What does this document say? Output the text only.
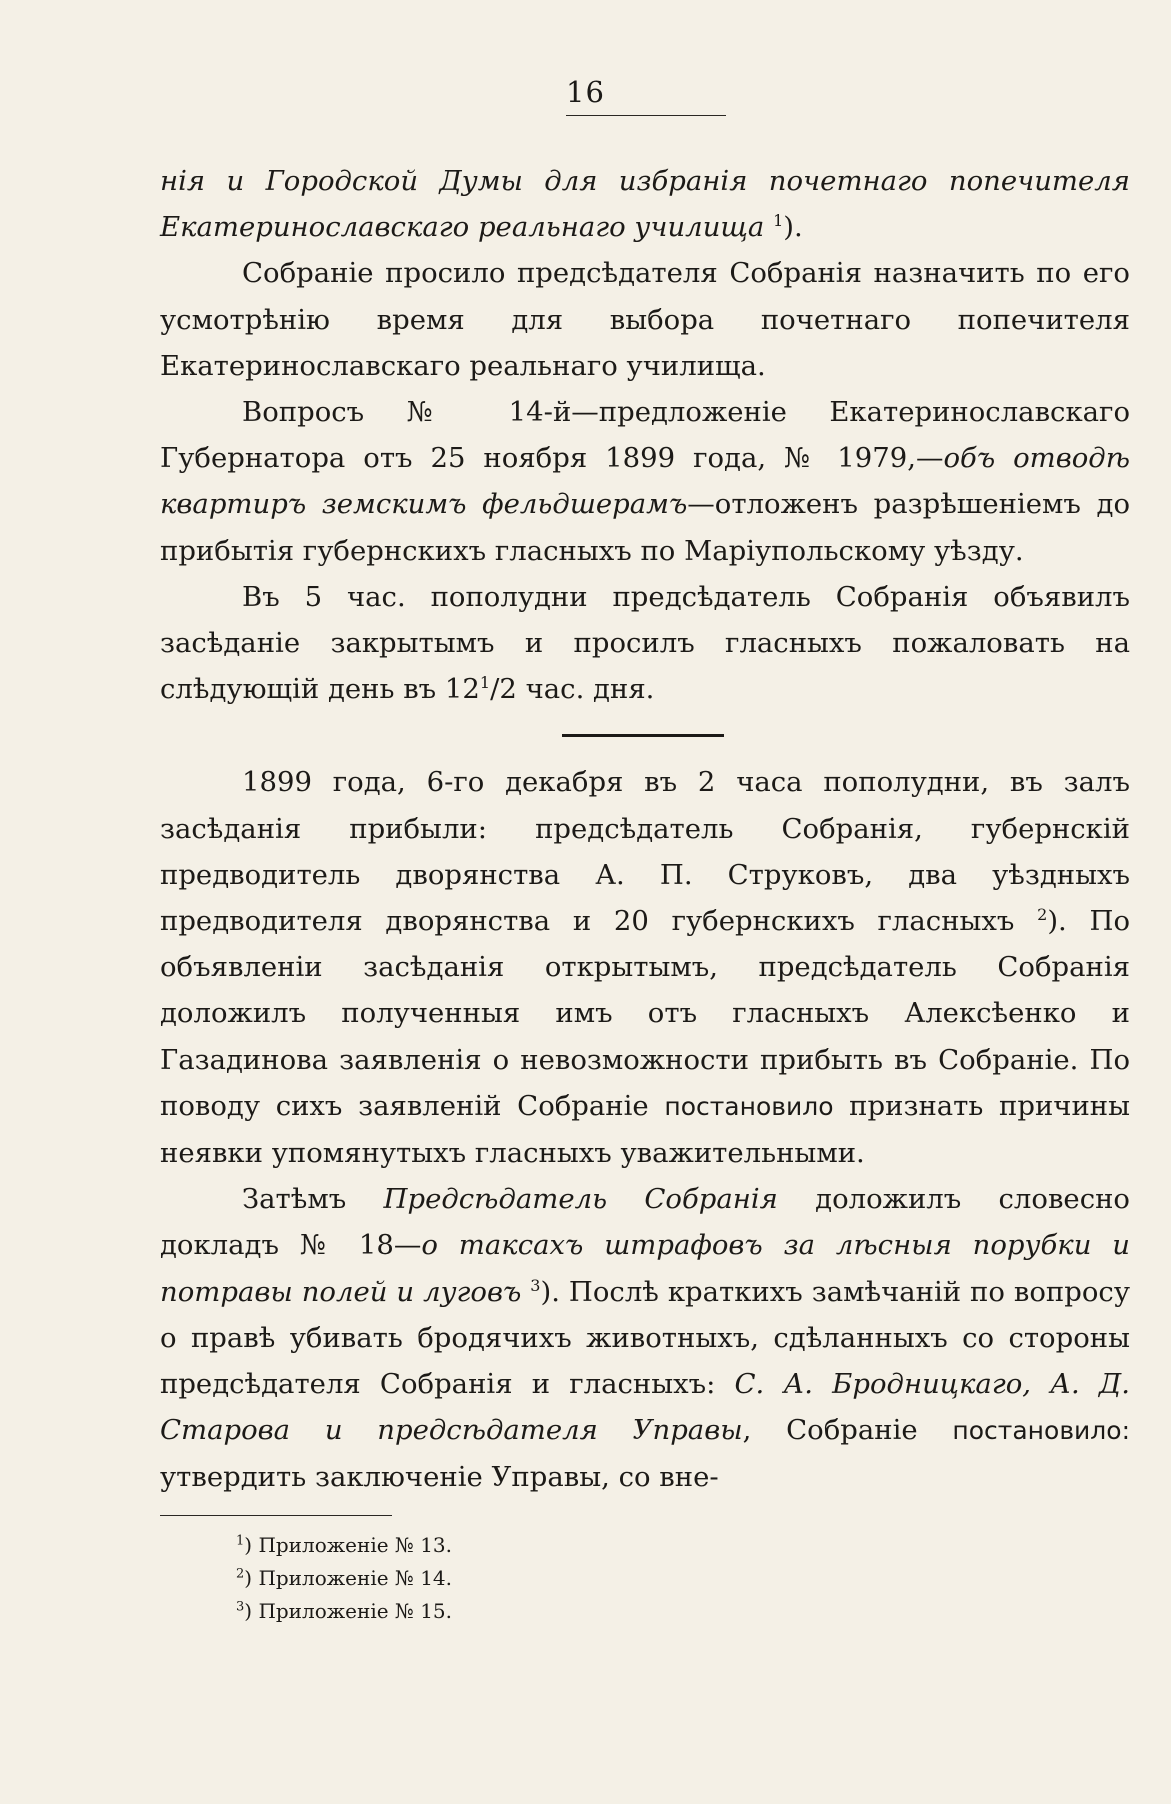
16

нія и Городской Думы для избранія почетнаго попечителя Екатеринославскаго реальнаго училища $^1$).

Собраніе просило предсѣдателя Собранія назначить по его усмотрѣнію время для выбора почетнаго попечителя Екатеринославскаго реальнаго училища.

Вопросъ № 14-й—предложеніе Екатеринославскаго Губернатора отъ 25 ноября 1899 года, № 1979,—объ отводѣ квартиръ земскимъ фельдшерамъ—отложенъ разрѣшеніемъ до прибытія губернскихъ гласныхъ по Маріупольскому уѣзду.

Въ 5 час. пополудни предсѣдатель Собранія объявилъ засѣданіе закрытымъ и просилъ гласныхъ пожаловать на слѣдующій день въ $12^1/2$ час. дня.

1899 года, 6-го декабря въ 2 часа пополудни, въ залъ засѣданія прибыли: предсѣдатель Собранія, губернскій предводитель дворянства А. П. Струковъ, два уѣздныхъ предводителя дворянства и 20 губернскихъ гласныхъ $^2$). По объявленіи засѣданія открытымъ, предсѣдатель Собранія доложилъ полученныя имъ отъ гласныхъ Алексѣенко и Газадинова заявленія о невозможности прибыть въ Собраніе. По поводу сихъ заявленій Собраніе постановило признать причины неявки упомянутыхъ гласныхъ уважительными.

Затѣмъ Предсѣдатель Собранія доложилъ словесно докладъ № 18—о таксахъ штрафовъ за лѣсныя порубки и потравы полей и луговъ $^3$). Послѣ краткихъ замѣчаній по вопросу о правѣ убивать бродячихъ животныхъ, сдѣланныхъ со стороны предсѣдателя Собранія и гласныхъ: С. А. Бродницкаго, А. Д. Старова и предсѣдателя Управы, Собраніе постановило: утвердить заключеніе Управы, со вне-

$^1$) Приложеніе № 13.
$^2$) Приложеніе № 14.
$^3$) Приложеніе № 15.
